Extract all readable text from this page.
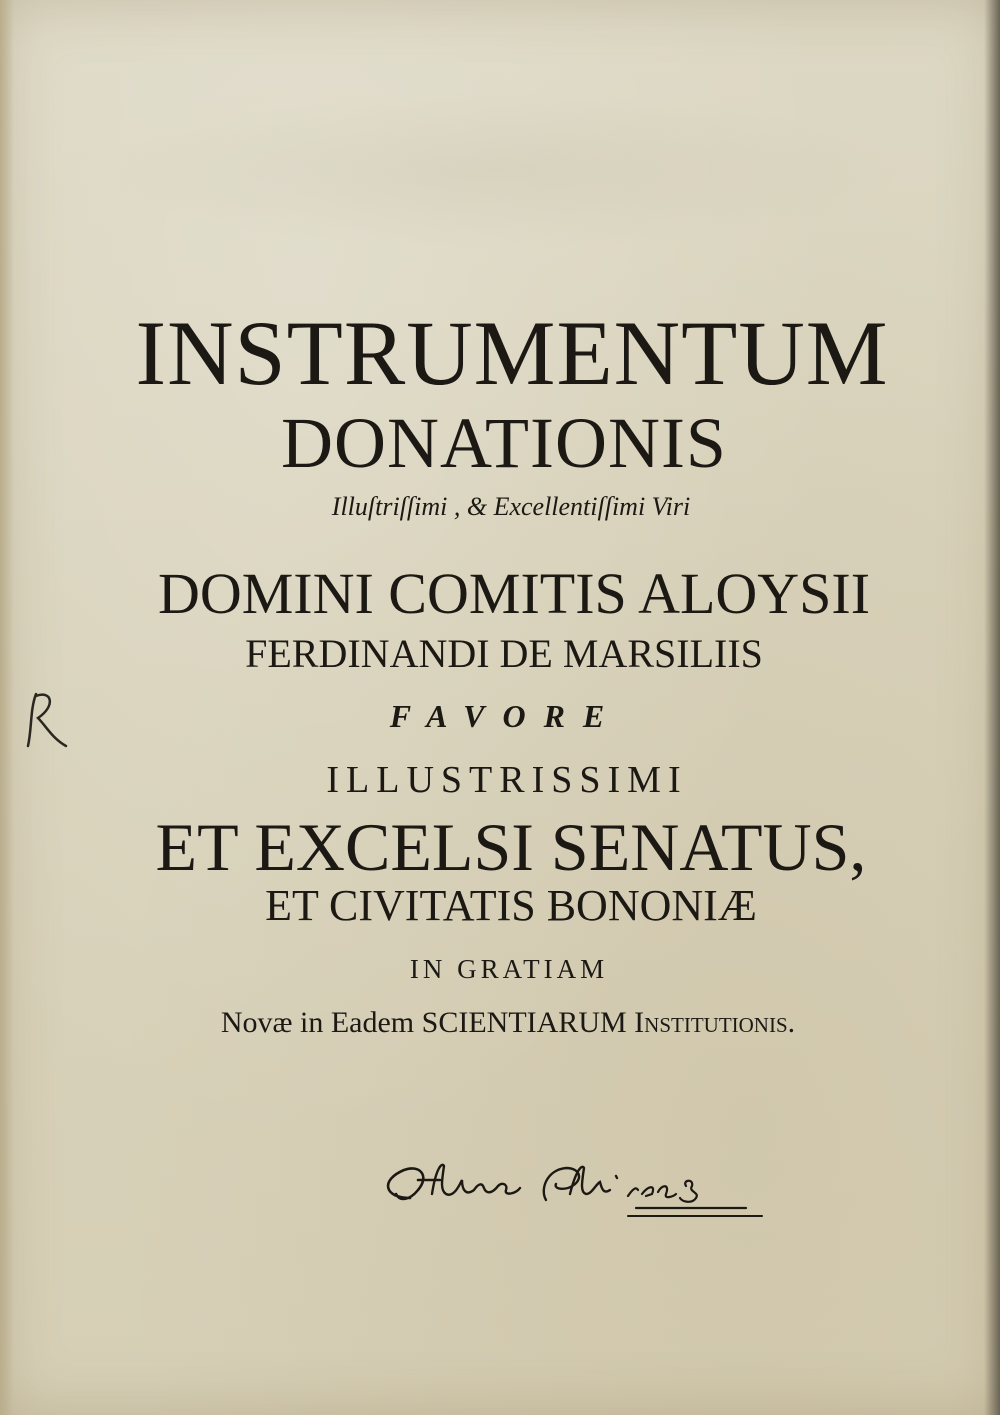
INSTRUMENTUM

DONATIONIS

Illuſtriſſimi , & Excellentiſſimi Viri

DOMINI COMITIS ALOYSII

FERDINANDI DE MARSILIIS

FAVORE

ILLUSTRISSIMI

ET EXCELSI SENATUS,

ET CIVITATIS BONONIÆ

IN GRATIAM

Novæ in Eadem SCIENTIARUM Institutionis.
